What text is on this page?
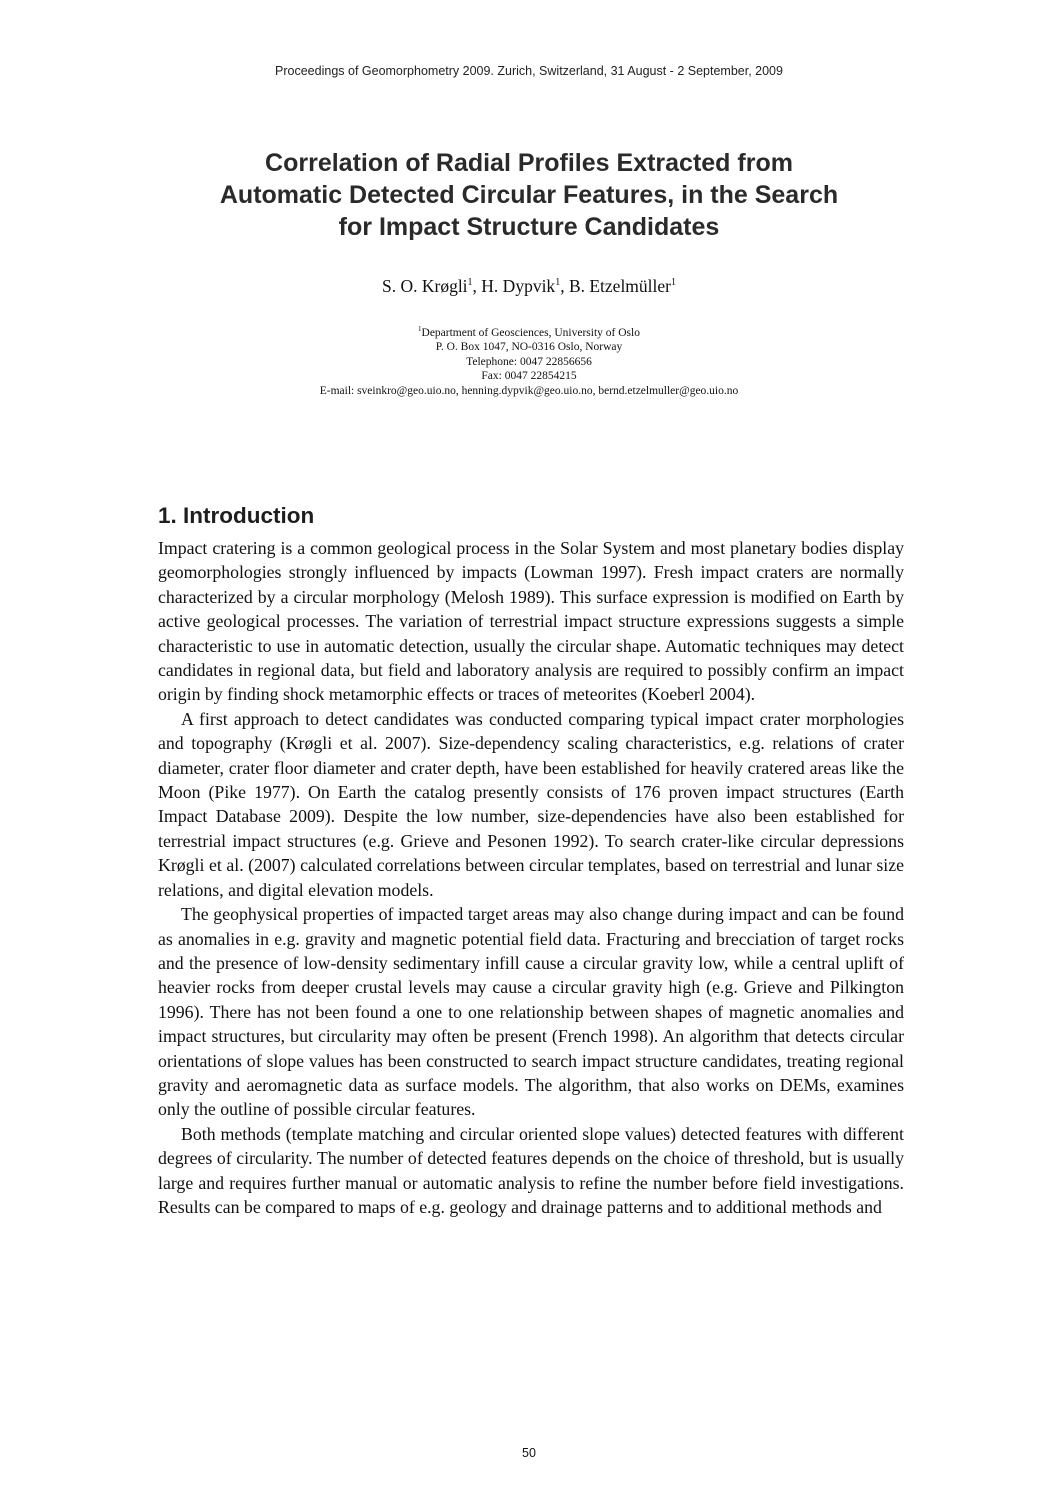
Proceedings of Geomorphometry 2009. Zurich, Switzerland, 31 August - 2 September, 2009
Correlation of Radial Profiles Extracted from
Automatic Detected Circular Features, in the Search
for Impact Structure Candidates
S. O. Krøgli$^1$, H. Dypvik$^1$, B. Etzelmüller$^1$
$^1$Department of Geosciences, University of Oslo
P. O. Box 1047, NO-0316 Oslo, Norway
Telephone: 0047 22856656
Fax: 0047 22854215
E-mail: sveinkro@geo.uio.no, henning.dypvik@geo.uio.no, bernd.etzelmuller@geo.uio.no
1. Introduction

Impact cratering is a common geological process in the Solar System and most planetary bodies display geomorphologies strongly influenced by impacts (Lowman 1997). Fresh impact craters are normally characterized by a circular morphology (Melosh 1989). This surface expression is modified on Earth by active geological processes. The variation of terrestrial impact structure expressions suggests a simple characteristic to use in automatic detection, usually the circular shape. Automatic techniques may detect candidates in regional data, but field and laboratory analysis are required to possibly confirm an impact origin by finding shock metamorphic effects or traces of meteorites (Koeberl 2004).

A first approach to detect candidates was conducted comparing typical impact crater morphologies and topography (Krøgli et al. 2007). Size-dependency scaling characteristics, e.g. relations of crater diameter, crater floor diameter and crater depth, have been established for heavily cratered areas like the Moon (Pike 1977). On Earth the catalog presently consists of 176 proven impact structures (Earth Impact Database 2009). Despite the low number, size-dependencies have also been established for terrestrial impact structures (e.g. Grieve and Pesonen 1992). To search crater-like circular depressions Krøgli et al. (2007) calculated correlations between circular templates, based on terrestrial and lunar size relations, and digital elevation models.

The geophysical properties of impacted target areas may also change during impact and can be found as anomalies in e.g. gravity and magnetic potential field data. Fracturing and brecciation of target rocks and the presence of low-density sedimentary infill cause a circular gravity low, while a central uplift of heavier rocks from deeper crustal levels may cause a circular gravity high (e.g. Grieve and Pilkington 1996). There has not been found a one to one relationship between shapes of magnetic anomalies and impact structures, but circularity may often be present (French 1998). An algorithm that detects circular orientations of slope values has been constructed to search impact structure candidates, treating regional gravity and aeromagnetic data as surface models. The algorithm, that also works on DEMs, examines only the outline of possible circular features.

Both methods (template matching and circular oriented slope values) detected features with different degrees of circularity. The number of detected features depends on the choice of threshold, but is usually large and requires further manual or automatic analysis to refine the number before field investigations. Results can be compared to maps of e.g. geology and drainage patterns and to additional methods and

50
